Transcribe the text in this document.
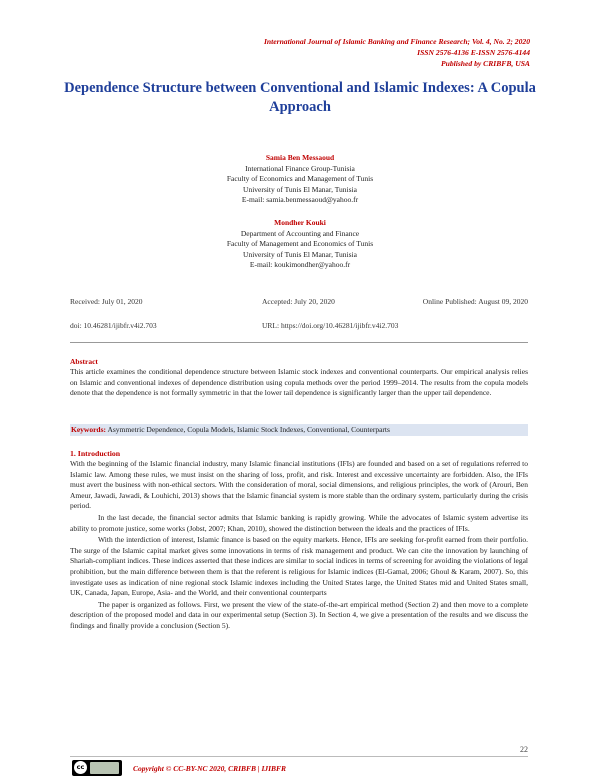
International Journal of Islamic Banking and Finance Research; Vol. 4, No. 2; 2020
ISSN 2576-4136 E-ISSN 2576-4144
Published by CRIBFB, USA
Dependence Structure between Conventional and Islamic Indexes: A Copula Approach
Samia Ben Messaoud
International Finance Group-Tunisia
Faculty of Economics and Management of Tunis
University of Tunis El Manar, Tunisia
E-mail: samia.benmessaoud@yahoo.fr
Mondher Kouki
Department of Accounting and Finance
Faculty of Management and Economics of Tunis
University of Tunis El Manar, Tunisia
E-mail: koukimondher@yahoo.fr
Received: July 01, 2020	Accepted: July 20, 2020	Online Published: August 09, 2020
doi: 10.46281/ijibfr.v4i2.703	URL: https://doi.org/10.46281/ijibfr.v4i2.703
Abstract
This article examines the conditional dependence structure between Islamic stock indexes and conventional counterparts. Our empirical analysis relies on Islamic and conventional indexes of dependence distribution using copula methods over the period 1999–2014. The results from the copula models denote that the dependence is not formally symmetric in that the lower tail dependence is significantly larger than the upper tail dependence.
Keywords: Asymmetric Dependence, Copula Models, Islamic Stock Indexes, Conventional, Counterparts
1. Introduction

With the beginning of the Islamic financial industry, many Islamic financial institutions (IFIs) are founded and based on a set of regulations referred to Islamic law. Among these rules, we must insist on the sharing of loss, profit, and risk. Interest and excessive uncertainty are forbidden. Also, the IFIs must avert the business with non-ethical sectors. With the consideration of moral, social dimensions, and religious principles, the work of (Arouri, Ben Ameur, Jawadi, Jawadi, & Louhichi, 2013) shows that the Islamic financial system is more stable than the ordinary system, particularly during the crisis period.

In the last decade, the financial sector admits that Islamic banking is rapidly growing. While the advocates of Islamic system advertise its ability to promote justice, some works (Jobst, 2007; Khan, 2010), showed the distinction between the ideals and the practices of IFIs.

With the interdiction of interest, Islamic finance is based on the equity markets. Hence, IFIs are seeking for-profit earned from their portfolio. The surge of the Islamic capital market gives some innovations in terms of risk management and product. We can cite the innovation by launching of Shariah-compliant indices. These indices asserted that these indices are similar to social indices in terms of screening for avoiding the violations of legal prohibition, but the main difference between them is that the referent is religious for Islamic indices (El-Gamal, 2006; Ghoul & Karam, 2007). So, this investigate uses as indication of nine regional stock Islamic indexes including the United States large, the United States mid and United States small, UK, Canada, Japan, Europe, Asia- and the World, and their conventional counterparts

The paper is organized as follows. First, we present the view of the state-of-the-art empirical method (Section 2) and then move to a complete description of the proposed model and data in our experimental setup (Section 3). In Section 4, we give a presentation of the results and we discuss the findings and finally provide a conclusion (Section 5).

22
cc	Copyright © CC-BY-NC 2020, CRIBFB | IJIBFR
